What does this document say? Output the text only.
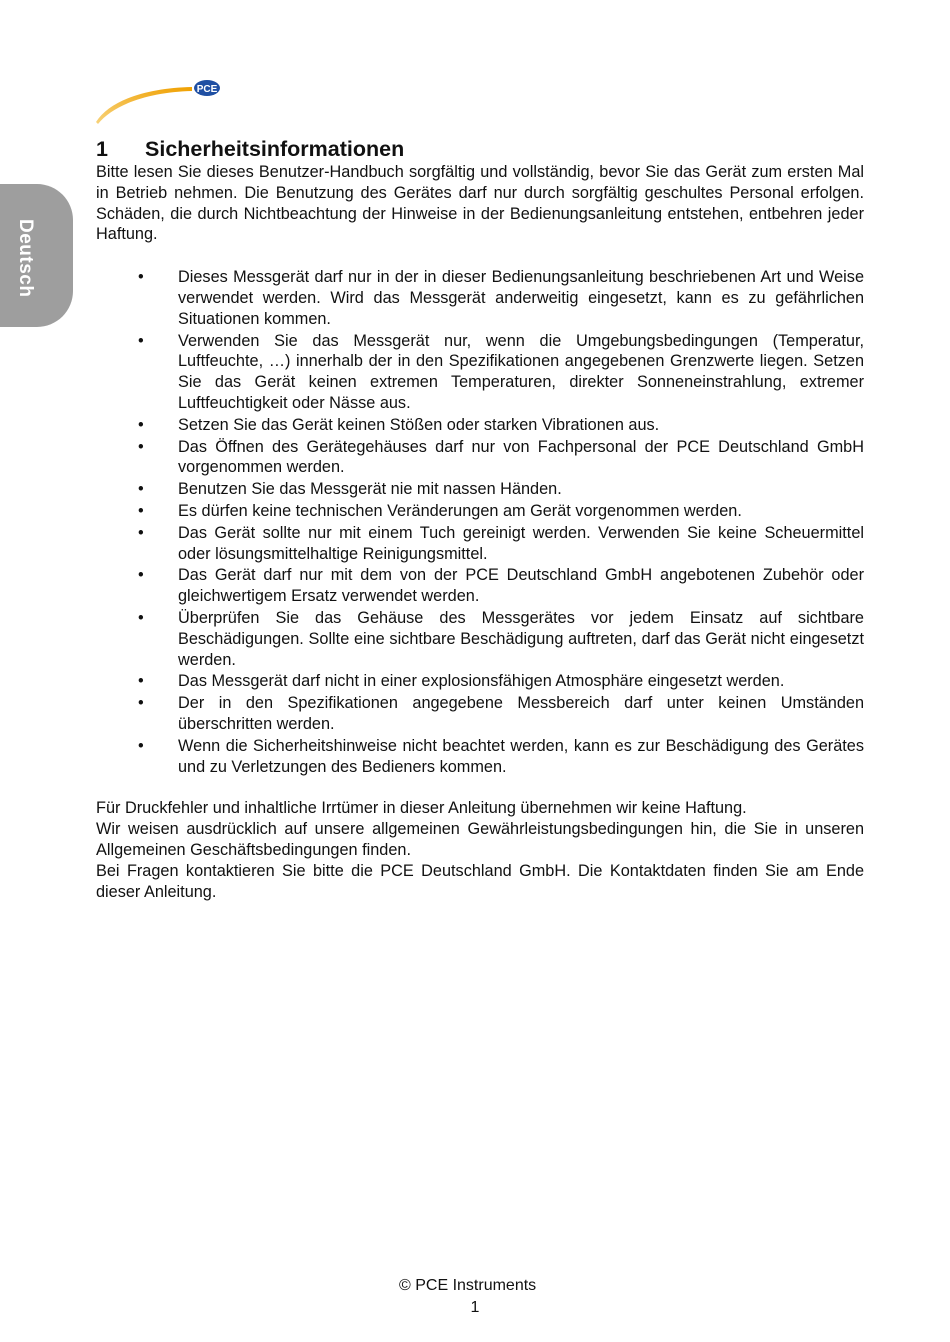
PCE
Deutsch
1	Sicherheitsinformationen

Bitte lesen Sie dieses Benutzer-Handbuch sorgfältig und vollständig, bevor Sie das Gerät zum ersten Mal in Betrieb nehmen. Die Benutzung des Gerätes darf nur durch sorgfältig geschultes Personal erfolgen. Schäden, die durch Nichtbeachtung der Hinweise in der Bedienungsanleitung entstehen, entbehren jeder Haftung.

• Dieses Messgerät darf nur in der in dieser Bedienungsanleitung beschriebenen Art und Weise verwendet werden. Wird das Messgerät anderweitig eingesetzt, kann es zu gefährlichen Situationen kommen.
• Verwenden Sie das Messgerät nur, wenn die Umgebungsbedingungen (Temperatur, Luftfeuchte, …) innerhalb der in den Spezifikationen angegebenen Grenzwerte liegen. Setzen Sie das Gerät keinen extremen Temperaturen, direkter Sonneneinstrahlung, extremer Luftfeuchtigkeit oder Nässe aus.
• Setzen Sie das Gerät keinen Stößen oder starken Vibrationen aus.
• Das Öffnen des Gerätegehäuses darf nur von Fachpersonal der PCE Deutschland GmbH vorgenommen werden.
• Benutzen Sie das Messgerät nie mit nassen Händen.
• Es dürfen keine technischen Veränderungen am Gerät vorgenommen werden.
• Das Gerät sollte nur mit einem Tuch gereinigt werden. Verwenden Sie keine Scheuermittel oder lösungsmittelhaltige Reinigungsmittel.
• Das Gerät darf nur mit dem von der PCE Deutschland GmbH angebotenen Zubehör oder gleichwertigem Ersatz verwendet werden.
• Überprüfen Sie das Gehäuse des Messgerätes vor jedem Einsatz auf sichtbare Beschädigungen. Sollte eine sichtbare Beschädigung auftreten, darf das Gerät nicht eingesetzt werden.
• Das Messgerät darf nicht in einer explosionsfähigen Atmosphäre eingesetzt werden.
• Der in den Spezifikationen angegebene Messbereich darf unter keinen Umständen überschritten werden.
• Wenn die Sicherheitshinweise nicht beachtet werden, kann es zur Beschädigung des Gerätes und zu Verletzungen des Bedieners kommen.

Für Druckfehler und inhaltliche Irrtümer in dieser Anleitung übernehmen wir keine Haftung.

Wir weisen ausdrücklich auf unsere allgemeinen Gewährleistungsbedingungen hin, die Sie in unseren Allgemeinen Geschäftsbedingungen finden.

Bei Fragen kontaktieren Sie bitte die PCE Deutschland GmbH. Die Kontaktdaten finden Sie am Ende dieser Anleitung.

© PCE Instruments
1
